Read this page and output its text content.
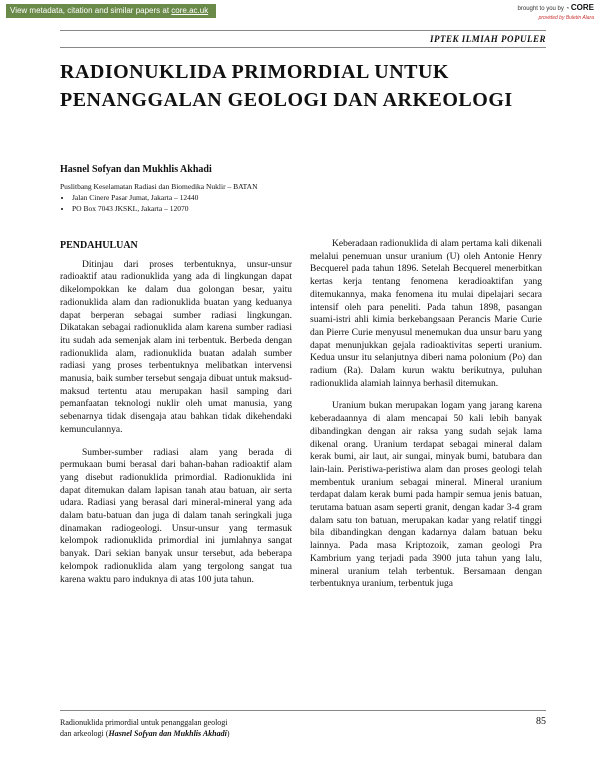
View metadata, citation and similar papers at core.ac.uk	brought to you by ◔ CORE
provided by Buletin Alara
IPTEK ILMIAH POPULER
RADIONUKLIDA PRIMORDIAL UNTUK PENANGGALAN GEOLOGI DAN ARKEOLOGI
Hasnel Sofyan dan Mukhlis Akhadi
Puslitbang Keselamatan Radiasi dan Biomedika Nuklir – BATAN
• Jalan Cinere Pasar Jumat, Jakarta – 12440
• PO Box 7043 JKSKL, Jakarta – 12070
PENDAHULUAN

Ditinjau dari proses terbentuknya, unsur-unsur radioaktif atau radionuklida yang ada di lingkungan dapat dikelompokkan ke dalam dua golongan besar, yaitu radionuklida alam dan radionuklida buatan yang keduanya dapat berperan sebagai sumber radiasi lingkungan. Dikatakan sebagai radionuklida alam karena sumber radiasi itu sudah ada semenjak alam ini terbentuk. Berbeda dengan radionuklida alam, radionuklida buatan adalah sumber radiasi yang proses terbentuknya melibatkan intervensi manusia, baik sumber tersebut sengaja dibuat untuk maksud-maksud tertentu atau merupakan hasil samping dari pemanfaatan teknologi nuklir oleh umat manusia, yang sebenarnya tidak disengaja atau bahkan tidak dikehendaki kemunculannya.

Sumber-sumber radiasi alam yang berada di permukaan bumi berasal dari bahan-bahan radioaktif alam yang disebut radionuklida primordial. Radionuklida ini dapat ditemukan dalam lapisan tanah atau batuan, air serta udara. Radiasi yang berasal dari mineral-mineral yang ada dalam batu-batuan dan juga di dalam tanah seringkali juga dinamakan radiogeologi. Unsur-unsur yang termasuk kelompok radionuklida primordial ini jumlahnya sangat banyak. Dari sekian banyak unsur tersebut, ada beberapa kelompok radionuklida alam yang tergolong sangat tua karena waktu paro induknya di atas 100 juta tahun.

Keberadaan radionuklida di alam pertama kali dikenali melalui penemuan unsur uranium (U) oleh Antonie Henry Becquerel pada tahun 1896. Setelah Becquerel menerbitkan kertas kerja tentang fenomena keradioaktifan yang ditemukannya, maka fenomena itu mulai dipelajari secara intensif oleh para peneliti. Pada tahun 1898, pasangan suami-istri ahli kimia berkebangsaan Perancis Marie Curie dan Pierre Curie menyusul menemukan dua unsur baru yang dapat menunjukkan gejala radioaktivitas seperti uranium. Kedua unsur itu selanjutnya diberi nama polonium (Po) dan radium (Ra). Dalam kurun waktu berikutnya, puluhan radionuklida alamiah lainnya berhasil ditemukan.

Uranium bukan merupakan logam yang jarang karena keberadaannya di alam mencapai 50 kali lebih banyak dibandingkan dengan air raksa yang sudah sejak lama dikenal orang. Uranium terdapat sebagai mineral dalam kerak bumi, air laut, air sungai, minyak bumi, batubara dan lain-lain. Peristiwa-peristiwa alam dan proses geologi telah membentuk uranium sebagai mineral. Mineral uranium terdapat dalam kerak bumi pada hampir semua jenis batuan, terutama batuan asam seperti granit, dengan kadar 3-4 gram dalam satu ton batuan, merupakan kadar yang relatif tinggi bila dibandingkan dengan kadarnya dalam batuan beku lainnya. Pada masa Kriptozoik, zaman geologi Pra Kambrium yang terjadi pada 3900 juta tahun yang lalu, mineral uranium telah terbentuk. Bersamaan dengan terbentuknya uranium, terbentuk juga

Radionuklida primordial untuk penanggalan geologi
dan arkeologi (Hasnel Sofyan dan Mukhlis Akhadi)
85
